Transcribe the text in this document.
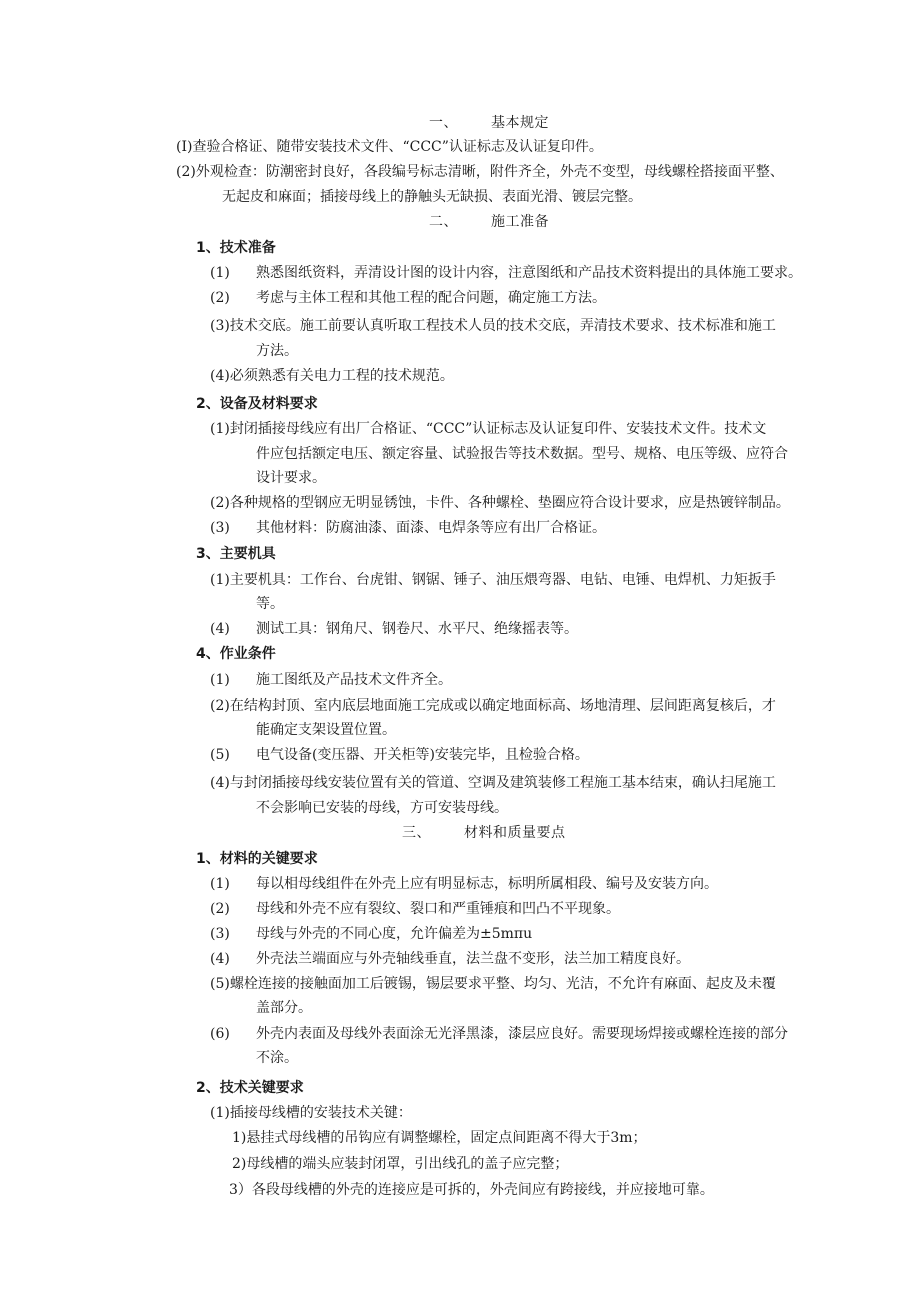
一、 基本规定
(I)查验合格证、随带安装技术文件、“CCC”认证标志及认证复印件。
(2)外观检查：防潮密封良好，各段编号标志清晰，附件齐全，外壳不变型，母线螺栓搭接面平整、
无起皮和麻面；插接母线上的静触头无缺损、表面光滑、镀层完整。
二、 施工准备
1、技术准备
(1) 熟悉图纸资料，弄清设计图的设计内容，注意图纸和产品技术资料提出的具体施工要求。
(2) 考虑与主体工程和其他工程的配合问题，确定施工方法。
(3)技术交底。施工前要认真听取工程技术人员的技术交底，弄清技术要求、技术标准和施工
方法。
(4)必须熟悉有关电力工程的技术规范。
2、设备及材料要求
(1)封闭插接母线应有出厂合格证、“CCC”认证标志及认证复印件、安装技术文件。技术文
件应包括额定电压、额定容量、试验报告等技术数据。型号、规格、电压等级、应符合
设计要求。
(2)各种规格的型钢应无明显锈蚀，卡件、各种螺栓、垫圈应符合设计要求，应是热镀锌制品。
(3) 其他材料：防腐油漆、面漆、电焊条等应有出厂合格证。
3、主要机具
(1)主要机具：工作台、台虎钳、钢锯、锤子、油压煨弯器、电钻、电锤、电焊机、力矩扳手
等。
(4) 测试工具：钢角尺、钢卷尺、水平尺、绝缘摇表等。
4、作业条件
(1) 施工图纸及产品技术文件齐全。
(2)在结构封顶、室内底层地面施工完成或以确定地面标高、场地清理、层间距离复核后，才
能确定支架设置位置。
(5) 电气设备(变压器、开关柜等)安装完毕，且检验合格。
(4)与封闭插接母线安装位置有关的管道、空调及建筑装修工程施工基本结束，确认扫尾施工
不会影响已安装的母线，方可安装母线。
三、 材料和质量要点
1、材料的关键要求
(1) 每以相母线组件在外壳上应有明显标志，标明所属相段、编号及安装方向。
(2) 母线和外壳不应有裂纹、裂口和严重锤痕和凹凸不平现象。
(3) 母线与外壳的不同心度，允许偏差为±5mπu
(4) 外壳法兰端面应与外壳轴线垂直，法兰盘不变形，法兰加工精度良好。
(5)螺栓连接的接触面加工后镀锡，锡层要求平整、均匀、光洁，不允许有麻面、起皮及未覆
盖部分。
(6) 外壳内表面及母线外表面涂无光泽黑漆，漆层应良好。需要现场焊接或螺栓连接的部分
不涂。
2、技术关键要求
(1)插接母线槽的安装技术关键：
1)悬挂式母线槽的吊钩应有调整螺栓，固定点间距离不得大于3m；
2)母线槽的端头应装封闭罩，引出线孔的盖子应完整；
3）各段母线槽的外壳的连接应是可拆的，外壳间应有跨接线，并应接地可靠。
